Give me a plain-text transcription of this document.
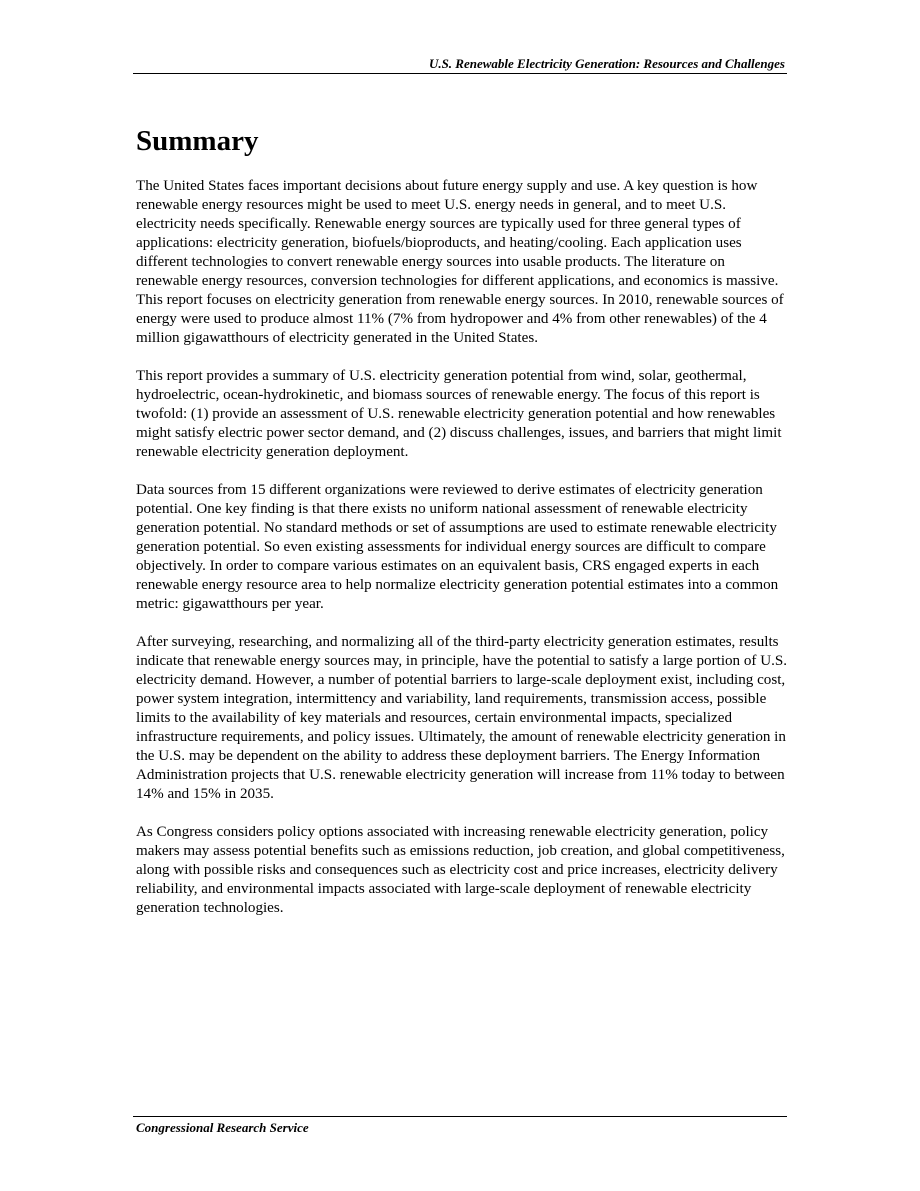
U.S. Renewable Electricity Generation: Resources and Challenges
Summary

The United States faces important decisions about future energy supply and use. A key question is how renewable energy resources might be used to meet U.S. energy needs in general, and to meet U.S. electricity needs specifically. Renewable energy sources are typically used for three general types of applications: electricity generation, biofuels/bioproducts, and heating/cooling. Each application uses different technologies to convert renewable energy sources into usable products. The literature on renewable energy resources, conversion technologies for different applications, and economics is massive. This report focuses on electricity generation from renewable energy sources. In 2010, renewable sources of energy were used to produce almost 11% (7% from hydropower and 4% from other renewables) of the 4 million gigawatthours of electricity generated in the United States.

This report provides a summary of U.S. electricity generation potential from wind, solar, geothermal, hydroelectric, ocean-hydrokinetic, and biomass sources of renewable energy. The focus of this report is twofold: (1) provide an assessment of U.S. renewable electricity generation potential and how renewables might satisfy electric power sector demand, and (2) discuss challenges, issues, and barriers that might limit renewable electricity generation deployment.

Data sources from 15 different organizations were reviewed to derive estimates of electricity generation potential. One key finding is that there exists no uniform national assessment of renewable electricity generation potential. No standard methods or set of assumptions are used to estimate renewable electricity generation potential. So even existing assessments for individual energy sources are difficult to compare objectively. In order to compare various estimates on an equivalent basis, CRS engaged experts in each renewable energy resource area to help normalize electricity generation potential estimates into a common metric: gigawatthours per year.

After surveying, researching, and normalizing all of the third-party electricity generation estimates, results indicate that renewable energy sources may, in principle, have the potential to satisfy a large portion of U.S. electricity demand. However, a number of potential barriers to large-scale deployment exist, including cost, power system integration, intermittency and variability, land requirements, transmission access, possible limits to the availability of key materials and resources, certain environmental impacts, specialized infrastructure requirements, and policy issues. Ultimately, the amount of renewable electricity generation in the U.S. may be dependent on the ability to address these deployment barriers. The Energy Information Administration projects that U.S. renewable electricity generation will increase from 11% today to between 14% and 15% in 2035.

As Congress considers policy options associated with increasing renewable electricity generation, policy makers may assess potential benefits such as emissions reduction, job creation, and global competitiveness, along with possible risks and consequences such as electricity cost and price increases, electricity delivery reliability, and environmental impacts associated with large-scale deployment of renewable electricity generation technologies.

Congressional Research Service
